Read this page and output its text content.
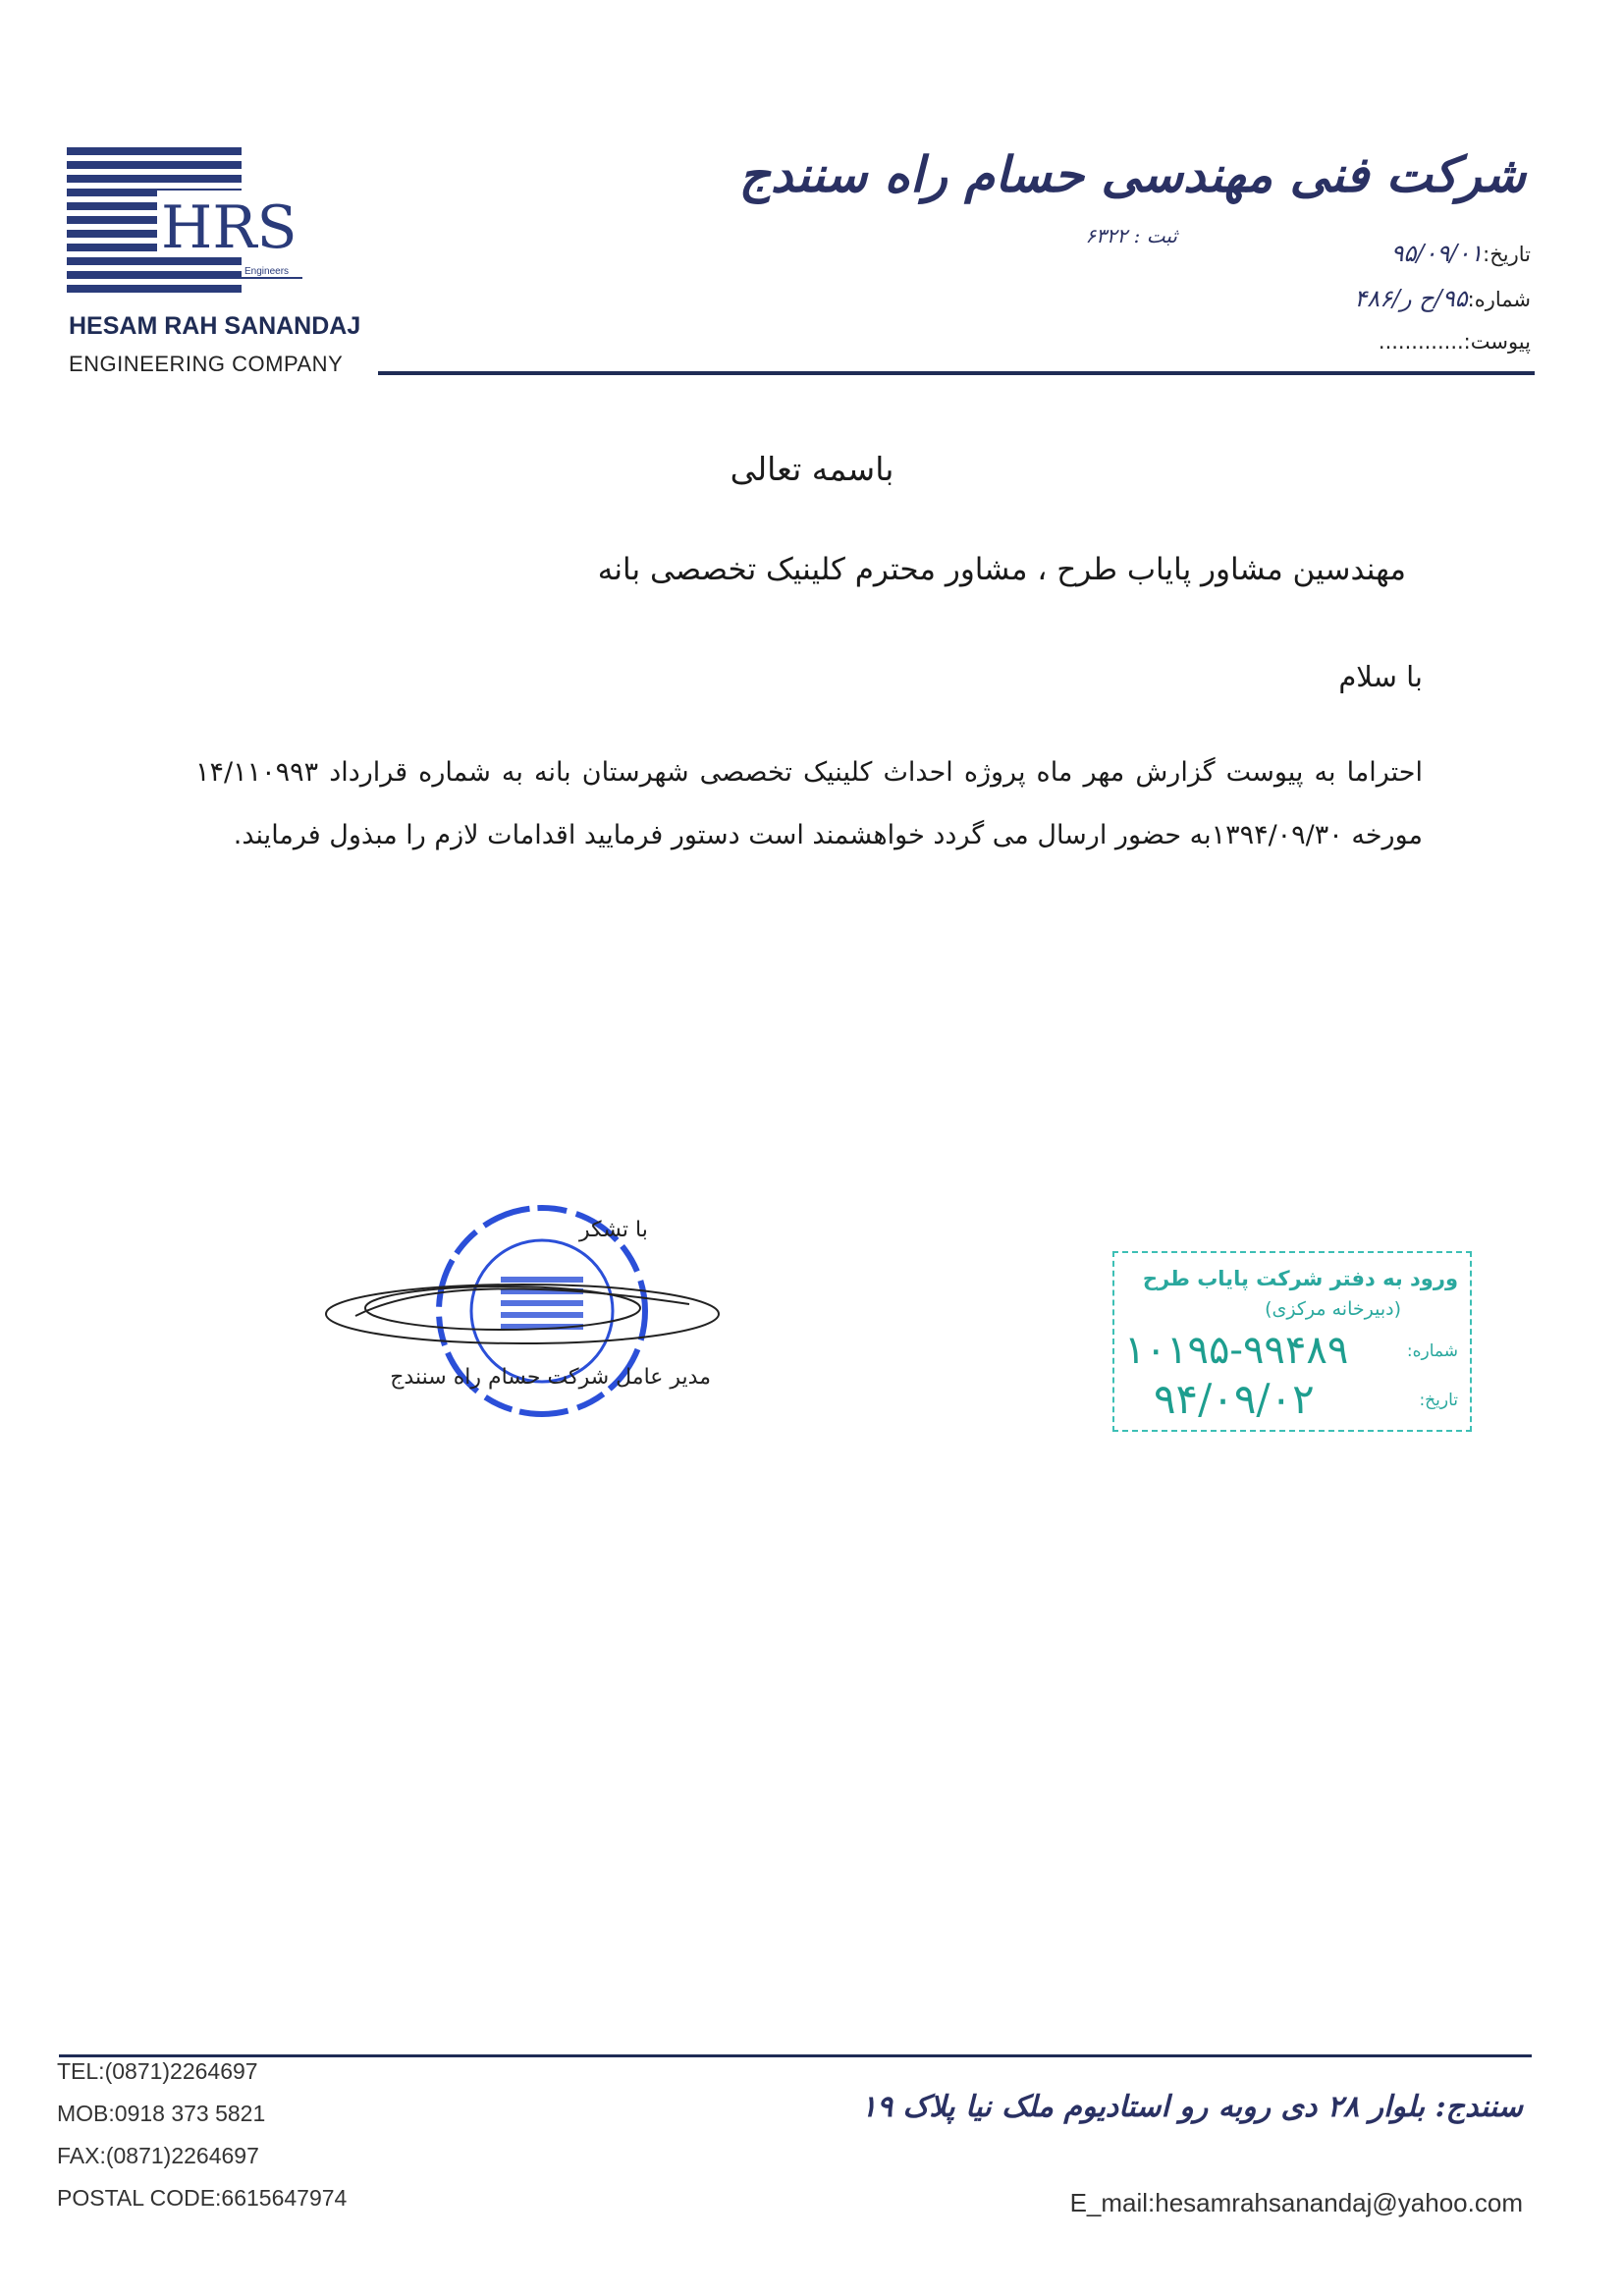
HRS
Engineers
HESAM RAH SANANDAJ
ENGINEERING COMPANY
شرکت فنی مهندسی حسام راه سنندج
ثبت : ۶۳۲۲
تاریخ:۹۵/۰۹/۰۱
شماره:۹۵/ح ر/۴۸۶
پیوست:.............
باسمه تعالی
مهندسین مشاور پایاب طرح ، مشاور محترم کلینیک تخصصی بانه
با سلام
احتراما به پیوست گزارش مهر ماه پروژه احداث کلینیک تخصصی شهرستان بانه به شماره قرارداد ۱۴/۱۱۰۹۹۳ مورخه ۱۳۹۴/۰۹/۳۰به حضور ارسال می گردد خواهشمند است دستور فرمایید اقدامات لازم را مبذول فرمایند.
با تشکر
مدیر عامل شرکت حسام راه سنندج
ورود به دفتر شرکت پایاب طرح
(دبیرخانه مرکزی)
شماره:
تاریخ:
۱۰۱۹۵-۹۹۴۸۹
۹۴/۰۹/۰۲
TEL:(0871)2264697
MOB:0918 373 5821
FAX:(0871)2264697
POSTAL CODE:6615647974
سنندج: بلوار ۲۸ دی روبه رو استادیوم ملک نیا پلاک ۱۹
E_mail:hesamrahsanandaj@yahoo.com
